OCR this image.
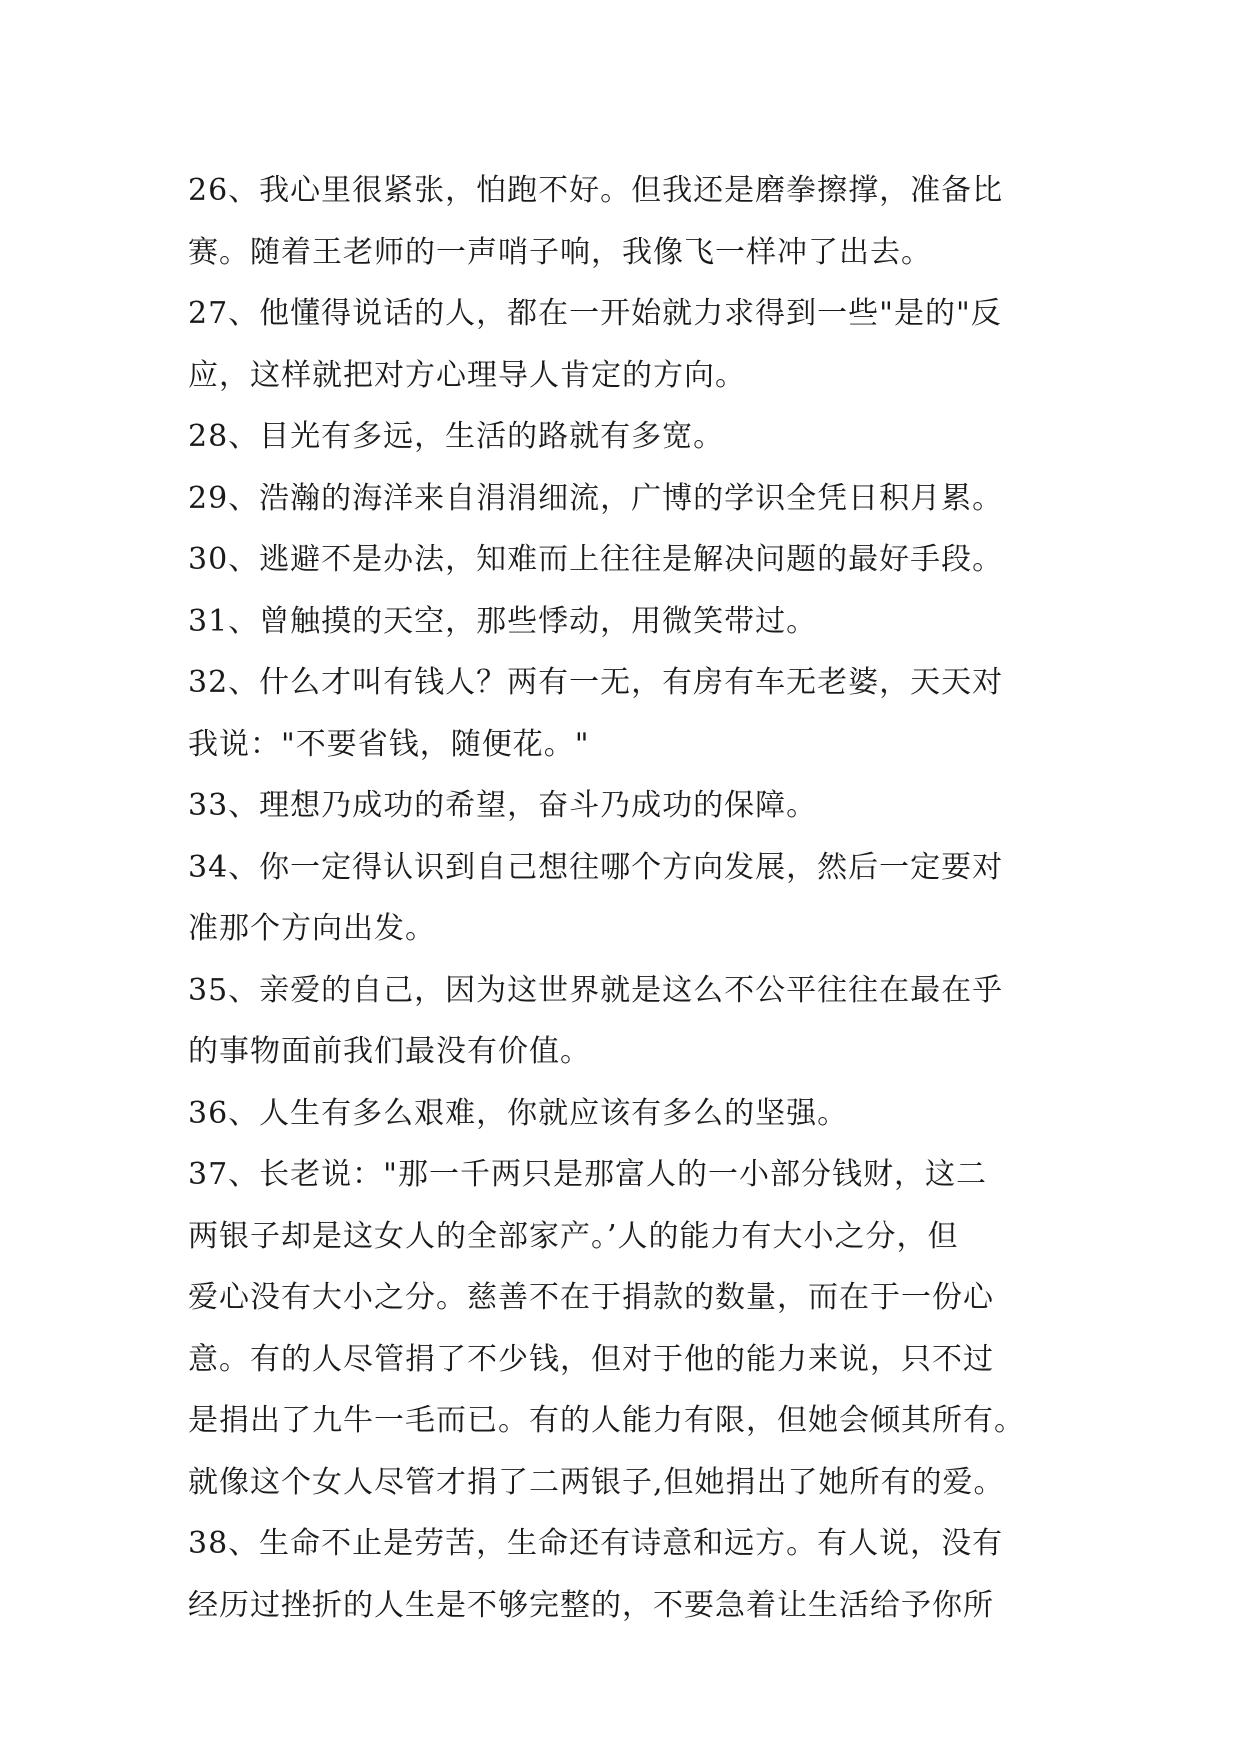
26、我心里很紧张，怕跑不好。但我还是磨拳擦撑，准备比
赛。随着王老师的一声哨子响，我像飞一样冲了出去。
27、他懂得说话的人，都在一开始就力求得到一些"是的"反
应，这样就把对方心理导人肯定的方向。
28、目光有多远，生活的路就有多宽。
29、浩瀚的海洋来自涓涓细流，广博的学识全凭日积月累。
30、逃避不是办法，知难而上往往是解决问题的最好手段。
31、曾触摸的天空，那些悸动，用微笑带过。
32、什么才叫有钱人？两有一无，有房有车无老婆，天天对
我说："不要省钱，随便花。"
33、理想乃成功的希望，奋斗乃成功的保障。
34、你一定得认识到自己想往哪个方向发展，然后一定要对
准那个方向出发。
35、亲爱的自己，因为这世界就是这么不公平往往在最在乎
的事物面前我们最没有价值。
36、人生有多么艰难，你就应该有多么的坚强。
37、长老说："那一千两只是那富人的一小部分钱财，这二
两银子却是这女人的全部家产。’人的能力有大小之分，但
爱心没有大小之分。慈善不在于捐款的数量，而在于一份心
意。有的人尽管捐了不少钱，但对于他的能力来说，只不过
是捐出了九牛一毛而已。有的人能力有限，但她会倾其所有。
就像这个女人尽管才捐了二两银子,但她捐出了她所有的爱。
38、生命不止是劳苦，生命还有诗意和远方。有人说，没有
经历过挫折的人生是不够完整的，不要急着让生活给予你所
